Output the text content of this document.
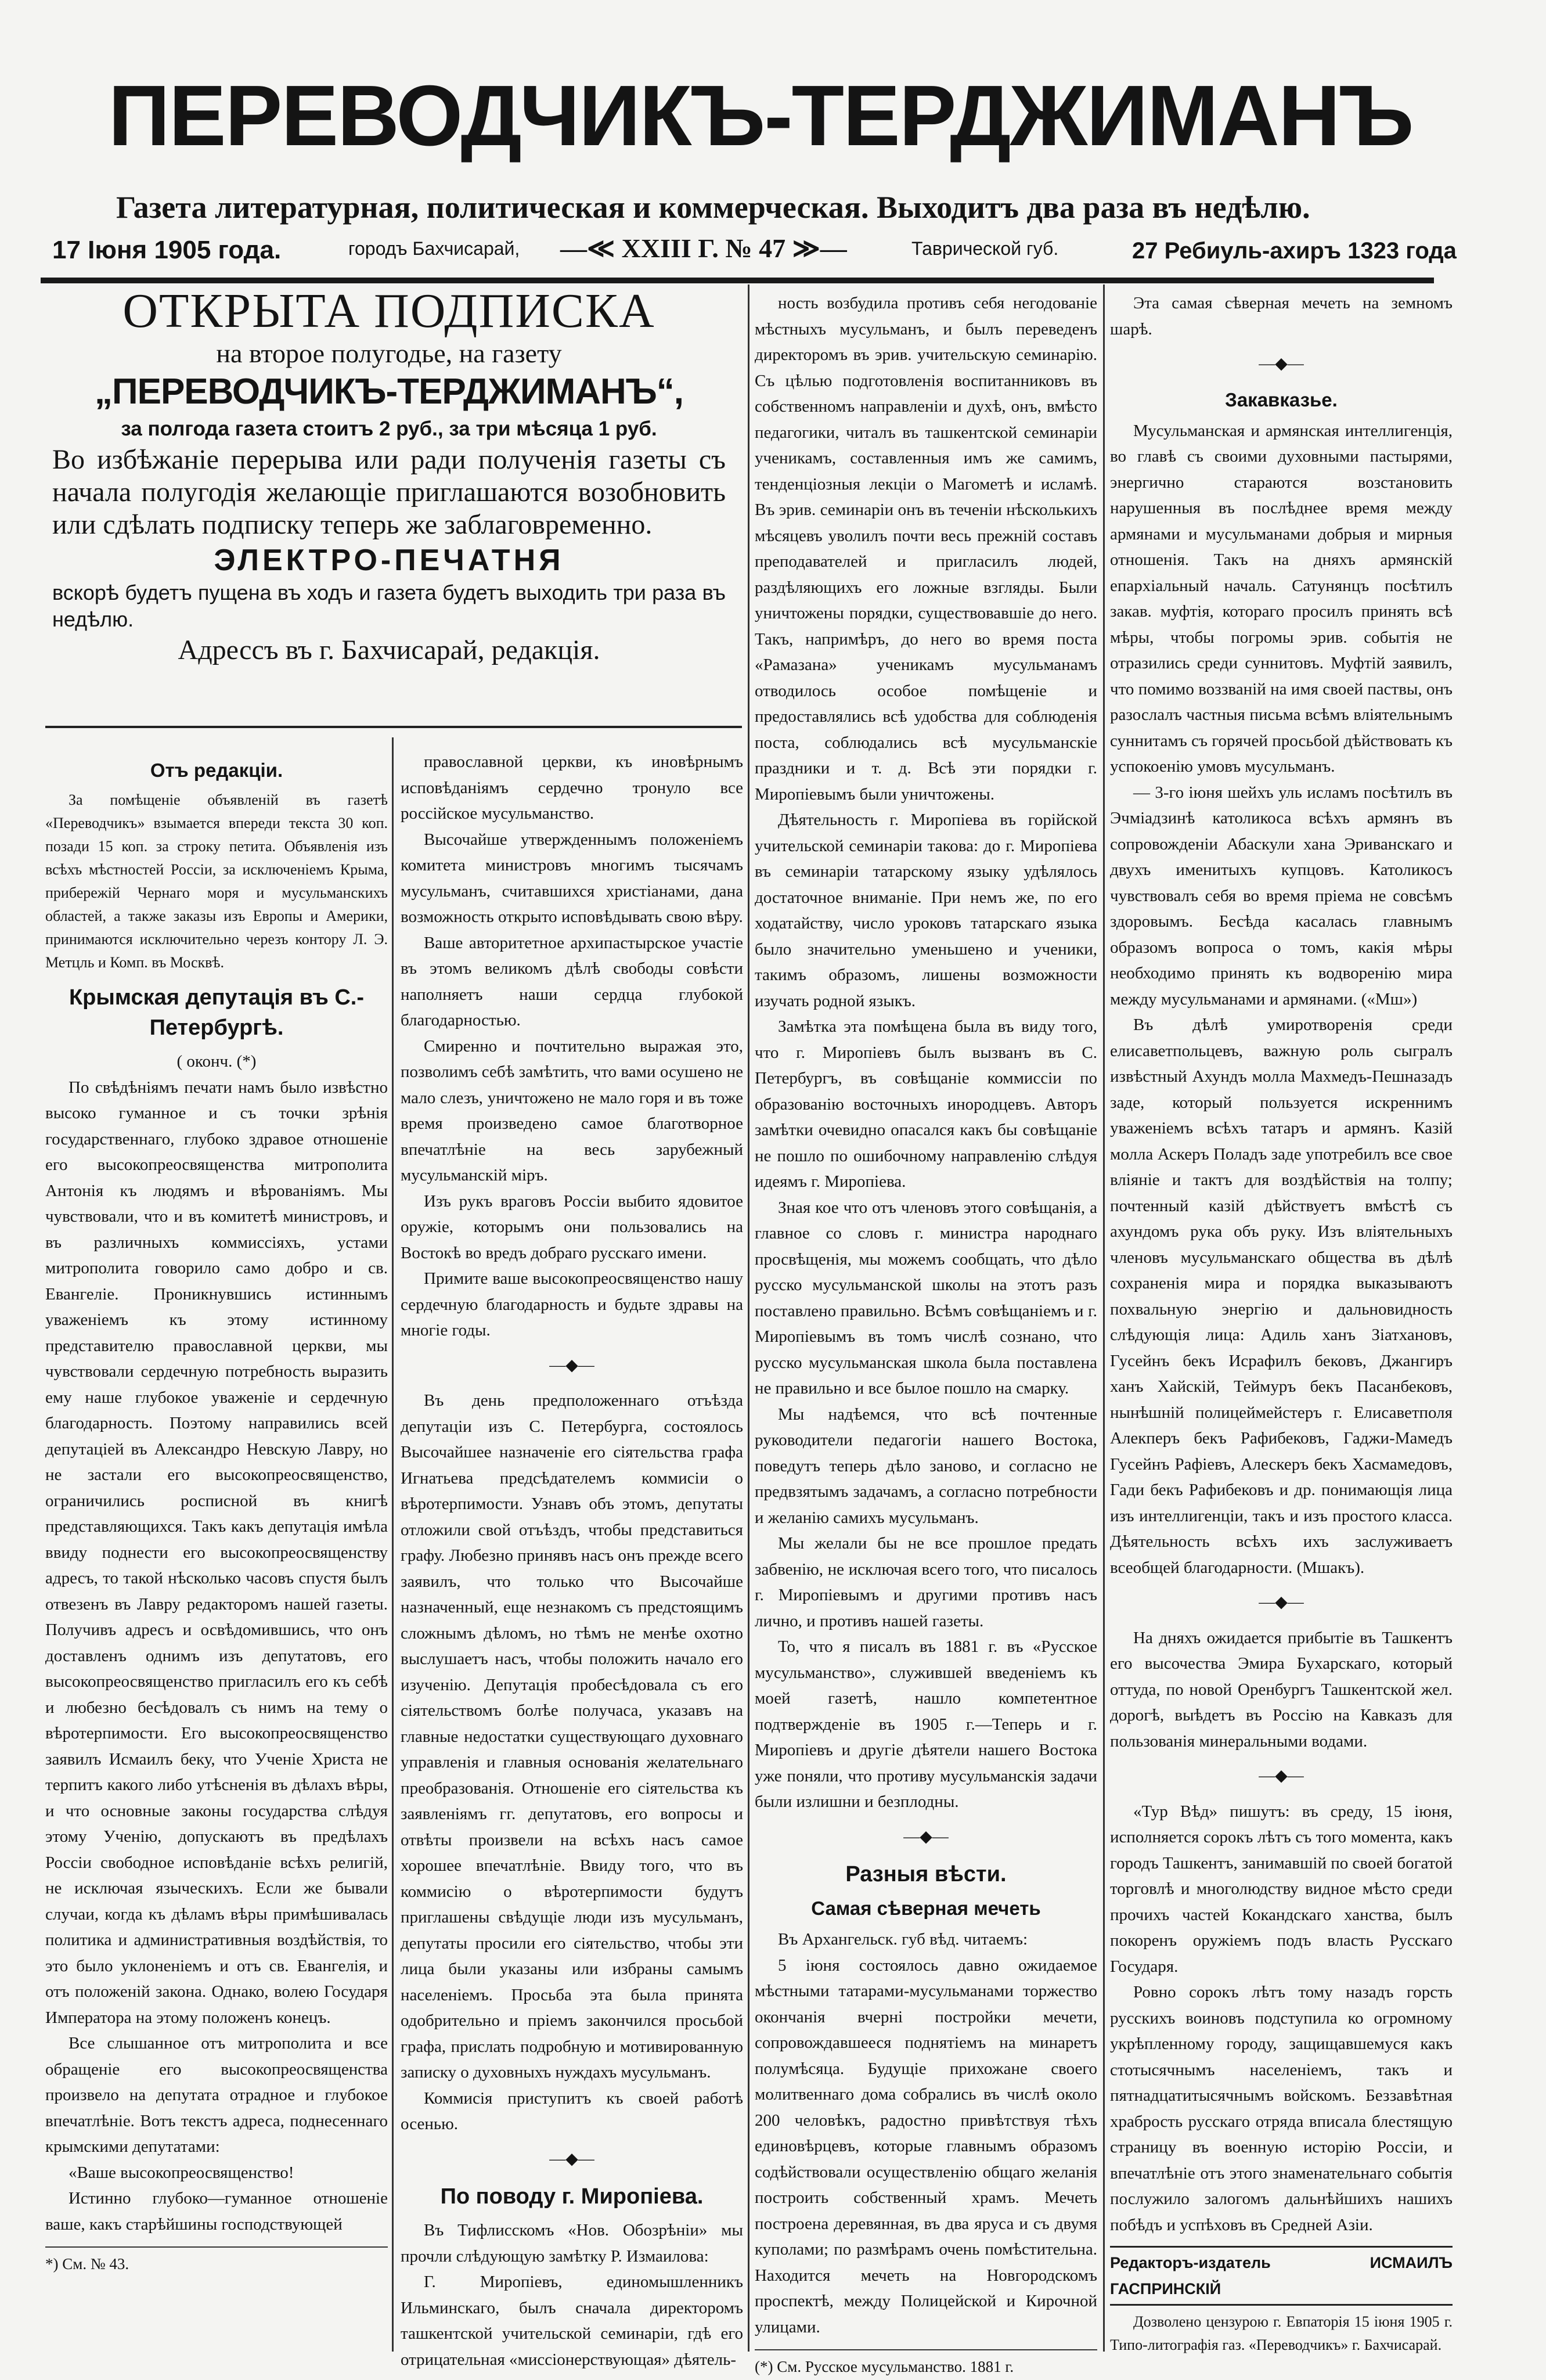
ПЕРЕВОДЧИКЪ-ТЕРДЖИМАНЪ
Газета литературная, политическая и коммерческая. Выходитъ два раза въ недѣлю.
17 Іюня 1905 года.	городъ Бахчисарай, —≪ XXIII Г. № 47 ≫—	Таврической губ.	27 Ребиуль-ахиръ 1323 года
ОТКРЫТА ПОДПИСКА
на второе полугодье, на газету
„ПЕРЕВОДЧИКЪ-ТЕРДЖИМАНЪ“,
за полгода газета стоитъ 2 руб., за три мѣсяца 1 руб.
Во избѣжаніе перерыва или ради полученія газеты съ начала полугодія желающіе приглашаются возобновить или сдѣлать подписку теперь же заблаговременно.
ЭЛЕКТРО-ПЕЧАТНЯ
вскорѣ будетъ пущена въ ходъ и газета будетъ выходить три раза въ недѣлю.
Адрессъ въ г. Бахчисарай, редакція.

Отъ редакціи.

За помѣщеніе объявленій въ газетѣ «Переводчикъ» взымается впереди текста 30 коп. позади 15 коп. за строку петита. Объявленія изъ всѣхъ мѣстностей Россіи, за исключеніемъ Крыма, прибережій Чернаго моря и мусульманскихъ областей, а также заказы изъ Европы и Америки, принимаются исключительно черезъ контору Л. Э. Метцль и Комп. въ Москвѣ.

Крымская депутація въ С.-Петербургѣ.

( оконч. (*)

По свѣдѣніямъ печати намъ было извѣстно высоко гуманное и съ точки зрѣнія государственнаго, глубоко здравое отношеніе его высокопреосвященства митрополита Антонія къ людямъ и вѣрованіямъ. Мы чувствовали, что и въ комитетѣ министровъ, и въ различныхъ коммиссіяхъ, устами митрополита говорило само добро и св. Евангеліе. Проникнувшись истиннымъ уваженіемъ къ этому истинному представителю православной церкви, мы чувствовали сердечную потребность выразить ему наше глубокое уваженіе и сердечную благодарность. Поэтому направились всей депутаціей въ Александро Невскую Лавру, но не застали его высокопреосвященство, ограничились росписной въ книгѣ представляющихся. Такъ какъ депутація имѣла ввиду поднести его высокопреосвященству адресъ, то такой нѣсколько часовъ спустя былъ отвезенъ въ Лавру редакторомъ нашей газеты. Получивъ адресъ и освѣдомившись, что онъ доставленъ однимъ изъ депутатовъ, его высокопреосвященство пригласилъ его къ себѣ и любезно бесѣдовалъ съ нимъ на тему о вѣротерпимости. Его высокопреосвященство заявилъ Исмаилъ беку, что Ученіе Христа не терпитъ какого либо утѣсненія въ дѣлахъ вѣры, и что основные законы государства слѣдуя этому Ученію, допускаютъ въ предѣлахъ Россіи свободное исповѣданіе всѣхъ религій, не исключая языческихъ. Если же бывали случаи, когда къ дѣламъ вѣры примѣшивалась политика и административныя воздѣйствія, то это было уклоненіемъ и отъ св. Евангелія, и отъ положеній закона. Однако, волею Государя Императора на этому положенъ конецъ.

Все слышанное отъ митрополита и все обращеніе его высокопреосвященства произвело на депутата отрадное и глубокое впечатлѣніе. Вотъ текстъ адреса, поднесеннаго крымскими депутатами:

«Ваше высокопреосвященство!

Истинно глубоко—гуманное отношеніе ваше, какъ старѣйшины господствующей

*) См. № 43.

православной церкви, къ иновѣрнымъ исповѣданіямъ сердечно тронуло все россійское мусульманство.

Высочайше утвержденнымъ положеніемъ комитета министровъ многимъ тысячамъ мусульманъ, считавшихся христіанами, дана возможность открыто исповѣдывать свою вѣру.

Ваше авторитетное архипастырское участіе въ этомъ великомъ дѣлѣ свободы совѣсти наполняетъ наши сердца глубокой благодарностью.

Смиренно и почтительно выражая это, позволимъ себѣ замѣтить, что вами осушено не мало слезъ, уничтожено не мало горя и въ тоже время произведено самое благотворное впечатлѣніе на весь зарубежный мусульманскій міръ.

Изъ рукъ враговъ Россіи выбито ядовитое оружіе, которымъ они пользовались на Востокѣ во вредъ добраго русскаго имени.

Примите ваше высокопреосвященство нашу сердечную благодарность и будьте здравы на многіе годы.

—◆—

Въ день предположеннаго отъѣзда депутаціи изъ С. Петербурга, состоялось Высочайшее назначеніе его сіятельства графа Игнатьева предсѣдателемъ коммисіи о вѣротерпимости. Узнавъ объ этомъ, депутаты отложили свой отъѣздъ, чтобы представиться графу. Любезно принявъ насъ онъ прежде всего заявилъ, что только что Высочайше назначенный, еще незнакомъ съ предстоящимъ сложнымъ дѣломъ, но тѣмъ не менѣе охотно выслушаетъ насъ, чтобы положить начало его изученію. Депутація пробесѣдовала съ его сіятельствомъ болѣе получаса, указавъ на главные недостатки существующаго духовнаго управленія и главныя основанія желательнаго преобразованія. Отношеніе его сіятельства къ заявленіямъ гг. депутатовъ, его вопросы и отвѣты произвели на всѣхъ насъ самое хорошее впечатлѣніе. Ввиду того, что въ коммисію о вѣротерпимости будутъ приглашены свѣдущіе люди изъ мусульманъ, депутаты просили его сіятельство, чтобы эти лица были указаны или избраны самымъ населеніемъ. Просьба эта была принята одобрительно и пріемъ закончился просьбой графа, прислать подробную и мотивированную записку о духовныхъ нуждахъ мусульманъ.

Коммисія приступитъ къ своей работѣ осенью.

—◆—

По поводу г. Миропіева.

Въ Тифлисскомъ «Нов. Обозрѣніи» мы прочли слѣдующую замѣтку Р. Измаилова:

Г. Миропіевъ, единомышленникъ Ильминскаго, былъ сначала директоромъ ташкентской учительской семинаріи, гдѣ его отрицательная «миссіонерствующая» дѣятель-

ность возбудила противъ себя негодованіе мѣстныхъ мусульманъ, и былъ переведенъ директоромъ въ эрив. учительскую семинарію. Съ цѣлью подготовленія воспитанниковъ въ собственномъ направленіи и духѣ, онъ, вмѣсто педагогики, читалъ въ ташкентской семинаріи ученикамъ, составленныя имъ же самимъ, тенденціозныя лекціи о Магометѣ и исламѣ. Въ эрив. семинаріи онъ въ теченіи нѣсколькихъ мѣсяцевъ уволилъ почти весь прежній составъ преподавателей и пригласилъ людей, раздѣляющихъ его ложные взгляды. Были уничтожены порядки, существовавшіе до него. Такъ, напримѣръ, до него во время поста «Рамазана» ученикамъ мусульманамъ отводилось особое помѣщеніе и предоставлялись всѣ удобства для соблюденія поста, соблюдались всѣ мусульманскіе праздники и т. д. Всѣ эти порядки г. Миропіевымъ были уничтожены.

Дѣятельность г. Миропіева въ горійской учительской семинаріи такова: до г. Миропіева въ семинаріи татарскому языку удѣлялось достаточное вниманіе. При немъ же, по его ходатайству, число уроковъ татарскаго языка было значительно уменьшено и ученики, такимъ образомъ, лишены возможности изучать родной языкъ.

Замѣтка эта помѣщена была въ виду того, что г. Миропіевъ былъ вызванъ въ С. Петербургъ, въ совѣщаніе коммиссіи по образованію восточныхъ инородцевъ. Авторъ замѣтки очевидно опасался какъ бы совѣщаніе не пошло по ошибочному направленію слѣдуя идеямъ г. Миропіева.

Зная кое что отъ членовъ этого совѣщанія, а главное со словъ г. министра народнаго просвѣщенія, мы можемъ сообщать, что дѣло русско мусульманской школы на этотъ разъ поставлено правильно. Всѣмъ совѣщаніемъ и г. Миропіевымъ въ томъ числѣ сознано, что русско мусульманская школа была поставлена не правильно и все былое пошло на смарку.

Мы надѣемся, что всѣ почтенные руководители педагогіи нашего Востока, поведутъ теперь дѣло заново, и согласно не предвзятымъ задачамъ, а согласно потребности и желанію самихъ мусульманъ.

Мы желали бы не все прошлое предать забвенію, не исключая всего того, что писалось г. Миропіевымъ и другими противъ насъ лично, и противъ нашей газеты.

То, что я писалъ въ 1881 г. въ «Русское мусульманство», служившей введеніемъ къ моей газетѣ, нашло компетентное подтвержденіе въ 1905 г.—Теперь и г. Миропіевъ и другіе дѣятели нашего Востока уже поняли, что противу мусульманскія задачи были излишни и безплодны.

—◆—

Разныя вѣсти.

Самая сѣверная мечеть

Въ Архангельск. губ вѣд. читаемъ:

5 іюня состоялось давно ожидаемое мѣстными татарами-мусульманами торжество окончанія вчерні постройки мечети, сопровождавшееся поднятіемъ на минаретъ полумѣсяца. Будущіе прихожане своего молитвеннаго дома собрались въ числѣ около 200 человѣкъ, радостно привѣтствуя тѣхъ единовѣрцевъ, которые главнымъ образомъ содѣйствовали осуществленію общаго желанія построить собственный храмъ. Мечеть построена деревянная, въ два яруса и съ двумя куполами; по размѣрамъ очень помѣстительна. Находится мечеть на Новгородскомъ проспектѣ, между Полицейской и Кирочной улицами.

(*) См. Русское мусульманство. 1881 г.

Эта самая сѣверная мечеть на земномъ шарѣ.

—◆—

Закавказье.

Мусульманская и армянская интеллигенція, во главѣ съ своими духовными пастырями, энергично стараются возстановить нарушенныя въ послѣднее время между армянами и мусульманами добрыя и мирныя отношенія. Такъ на дняхъ армянскій епархіальный началь. Сатунянцъ посѣтилъ закав. муфтія, котораго просилъ принять всѣ мѣры, чтобы погромы эрив. событія не отразились среди суннитовъ. Муфтій заявилъ, что помимо воззваній на имя своей паствы, онъ разослалъ частныя письма всѣмъ вліятельнымъ суннитамъ съ горячей просьбой дѣйствовать къ успокоенію умовъ мусульманъ.

— 3-го іюня шейхъ уль исламъ посѣтилъ въ Эчміадзинѣ католикоса всѣхъ армянъ въ сопровожденіи Абаскули хана Эриванскаго и двухъ именитыхъ купцовъ. Католикосъ чувствовалъ себя во время пріема не совсѣмъ здоровымъ. Бесѣда касалась главнымъ образомъ вопроса о томъ, какія мѣры необходимо принять къ водворенію мира между мусульманами и армянами. («Мш»)

Въ дѣлѣ умиротворенія среди елисаветпольцевъ, важную роль сыгралъ извѣстный Ахундъ молла Махмедъ-Пешназадъ заде, который пользуется искреннимъ уваженіемъ всѣхъ татаръ и армянъ. Казій молла Аскеръ Поладъ заде употребилъ все свое вліяніе и тактъ для воздѣйствія на толпу; почтенный казій дѣйствуетъ вмѣстѣ съ ахундомъ рука объ руку. Изъ вліятельныхъ членовъ мусульманскаго общества въ дѣлѣ сохраненія мира и порядка выказываютъ похвальную энергію и дальновидность слѣдующія лица: Адиль ханъ Зіатхановъ, Гусейнъ бекъ Исрафилъ бековъ, Джангиръ ханъ Хайскій, Теймуръ бекъ Пасанбековъ, нынѣшній полицеймейстеръ г. Елисаветполя Алекперъ бекъ Рафибековъ, Гаджи-Мамедъ Гусейнъ Рафіевъ, Алескеръ бекъ Хасмамедовъ, Гади бекъ Рафибековъ и др. понимающія лица изъ интеллигенціи, такъ и изъ простого класса. Дѣятельность всѣхъ ихъ заслуживаетъ всеобщей благодарности. (Мшакъ).

—◆—

На дняхъ ожидается прибытіе въ Ташкентъ его высочества Эмира Бухарскаго, который оттуда, по новой Оренбургъ Ташкентской жел. дорогѣ, выѣдетъ въ Россію на Кавказъ для пользованія минеральными водами.

—◆—

«Тур Вѣд» пишутъ: въ среду, 15 іюня, исполняется сорокъ лѣтъ съ того момента, какъ городъ Ташкентъ, занимавшій по своей богатой торговлѣ и многолюдству видное мѣсто среди прочихъ частей Кокандскаго ханства, былъ покоренъ оружіемъ подъ власть Русскаго Государя.

Ровно сорокъ лѣтъ тому назадъ горсть русскихъ воиновъ подступила ко огромному укрѣпленному городу, защищавшемуся какъ стотысячнымъ населеніемъ, такъ и пятнадцатитысячнымъ войскомъ. Беззавѣтная храбрость русскаго отряда вписала блестящую страницу въ военную исторію Россіи, и впечатлѣніе отъ этого знаменательнаго событія послужило залогомъ дальнѣйшихъ нашихъ побѣдъ и успѣховъ въ Средней Азіи.

Редакторъ-издатель ИСМАИЛЪ ГАСПРИНСКІЙ

Дозволено цензурою г. Евпаторія 15 іюня 1905 г. Типо-литографія газ. «Переводчикъ» г. Бахчисарай.
